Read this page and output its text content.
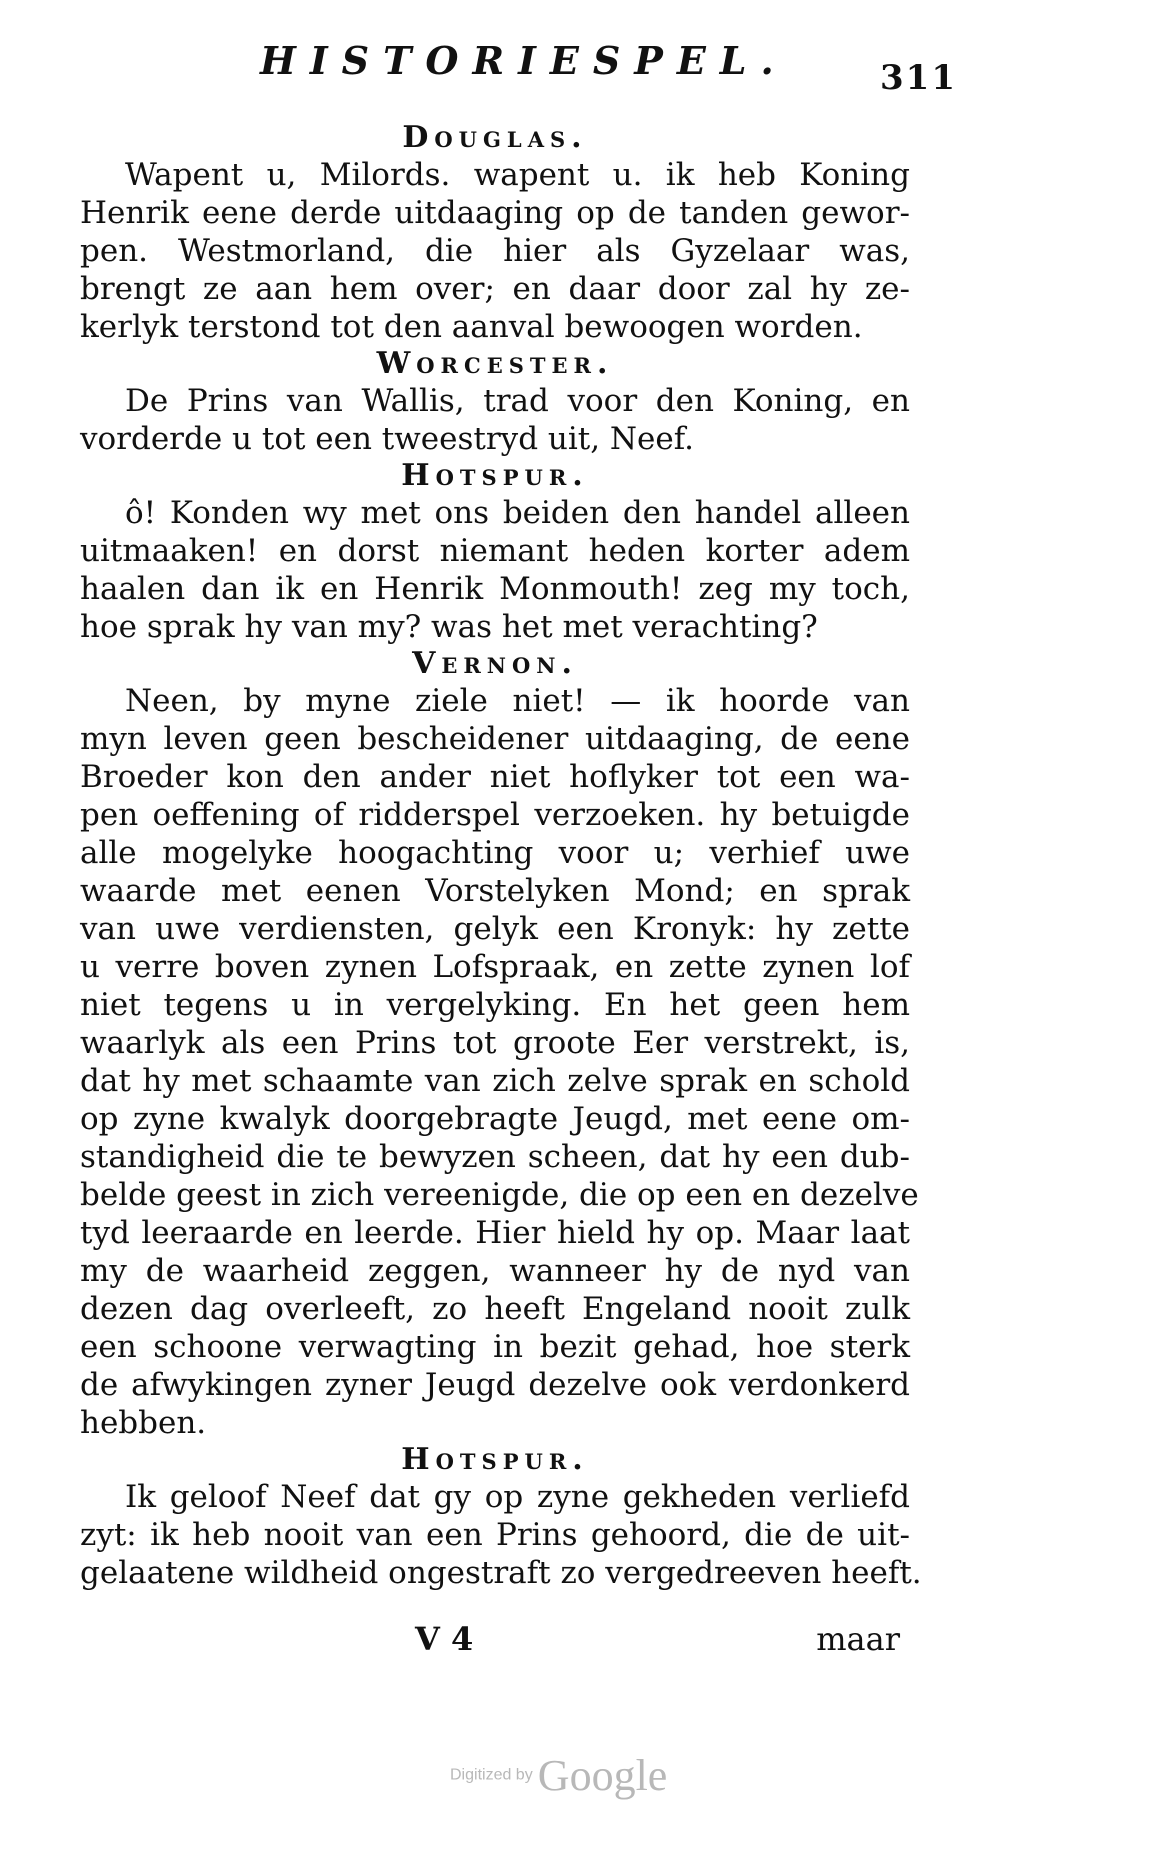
HISTORIESPEL.	311
Douglas.
Wapent u, Milords. wapent u. ik heb Koning
Henrik eene derde uitdaaging op de tanden gewor-
pen. Westmorland, die hier als Gyzelaar was,
brengt ze aan hem over; en daar door zal hy ze-
kerlyk terstond tot den aanval bewoogen worden.
Worcester.
De Prins van Wallis, trad voor den Koning, en
vorderde u tot een tweestryd uit, Neef.
Hotspur.
ô! Konden wy met ons beiden den handel alleen
uitmaaken! en dorst niemant heden korter adem
haalen dan ik en Henrik Monmouth! zeg my toch,
hoe sprak hy van my? was het met verachting?
Vernon.
Neen, by myne ziele niet! — ik hoorde van
myn leven geen bescheidener uitdaaging, de eene
Broeder kon den ander niet hoflyker tot een wa-
pen oeffening of ridderspel verzoeken. hy betuigde
alle mogelyke hoogachting voor u; verhief uwe
waarde met eenen Vorstelyken Mond; en sprak
van uwe verdiensten, gelyk een Kronyk: hy zette
u verre boven zynen Lofspraak, en zette zynen lof
niet tegens u in vergelyking. En het geen hem
waarlyk als een Prins tot groote Eer verstrekt, is,
dat hy met schaamte van zich zelve sprak en schold
op zyne kwalyk doorgebragte Jeugd, met eene om-
standigheid die te bewyzen scheen, dat hy een dub-
belde geest in zich vereenigde, die op een en dezelve
tyd leeraarde en leerde. Hier hield hy op. Maar laat
my de waarheid zeggen, wanneer hy de nyd van
dezen dag overleeft, zo heeft Engeland nooit zulk
een schoone verwagting in bezit gehad, hoe sterk
de afwykingen zyner Jeugd dezelve ook verdonkerd
hebben.
Hotspur.
Ik geloof Neef dat gy op zyne gekheden verliefd
zyt: ik heb nooit van een Prins gehoord, die de uit-
gelaatene wildheid ongestraft zo vergedreeven heeft.
V 4	maar
Digitized by Google
